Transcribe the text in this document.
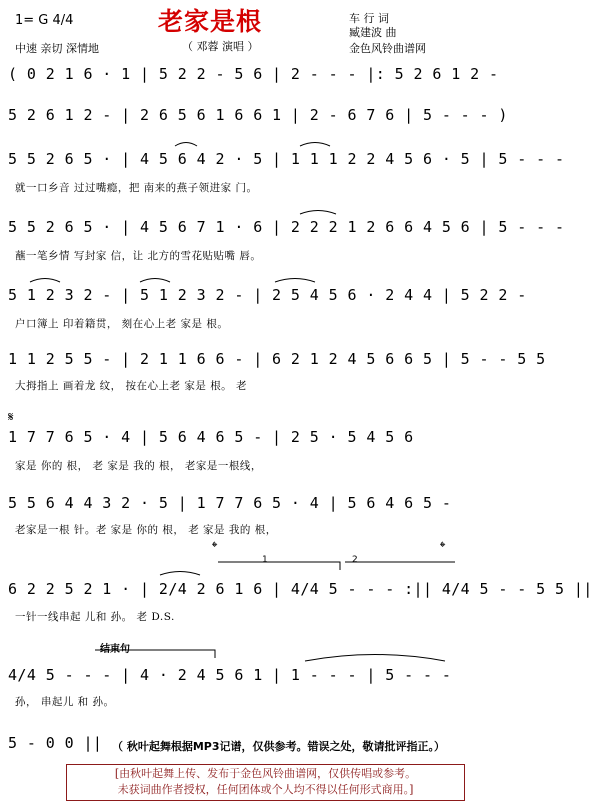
1= G 4/4	老家是根
（ 邓蓉 演唱 ）
中速 亲切 深情地
车 行 词
臧建波 曲
金色风铃曲谱网
( 0 2 1 6 · 1 | 5 2 2 - 5 6 | 2 - - - |: 5 2 6 1 2 -
5 2 6 1 2 - | 2 6 5 6 1 6 6 1 | 2 - 6 7 6 | 5 - - - )
5 5 2 6 5 · | 4 5 6 4 2 · 5 | 1 1 1 2 2 4 5 6 · 5 | 5 - - -
就一口乡音 过过嘴瘾，把 南来的燕子领进家 门。
5 5 2 6 5 · | 4 5 6 7 1 · 6 | 2 2 2 1 2 6 6 4 5 6 | 5 - - -
蘸一笔乡情 写封家 信，让 北方的雪花贴贴嘴 唇。
5 1 2 3 2 - | 5 1 2 3 2 - | 2 5 4 5 6 · 2 4 4 | 5 2 2 -
户口簿上 印着籍贯， 刻在心上老 家是 根。
1 1 2 5 5 - | 2 1 1 6 6 - | 6 2 1 2 4 5 6 6 5 | 5 - - 5 5
大拇指上 画着龙 纹， 按在心上老 家是 根。 老
𝄋
1 7 7 6 5 · 4 | 5 6 4 6 5 - | 2 5 · 5 4 5 6
家是 你的 根， 老 家是 我的 根， 老家是一根线，
5 5 6 4 4 3 2 · 5 | 1 7 7 6 5 · 4 | 5 6 4 6 5 -
老家是一根 针。老 家是 你的 根， 老 家是 我的 根，
𝄌	𝄌
1	2
6 2 2 5 2 1 · | 2/4 2 6 1 6 | 4/4 5 - - - :|| 4/4 5 - - 5 5 ||
一针一线串起 儿和 孙。 老 D.S.
结束句
4/4 5 - - - | 4 · 2 4 5 6 1 | 1 - - - | 5 - - -
孙， 串起儿 和 孙。
5 - 0 0 || （ 秋叶起舞根据MP3记谱，仅供参考。错误之处，敬请批评指正。）
[由秋叶起舞上传、发布于金色风铃曲谱网，仅供传唱或参考。
未获词曲作者授权，任何团体或个人均不得以任何形式商用。]
